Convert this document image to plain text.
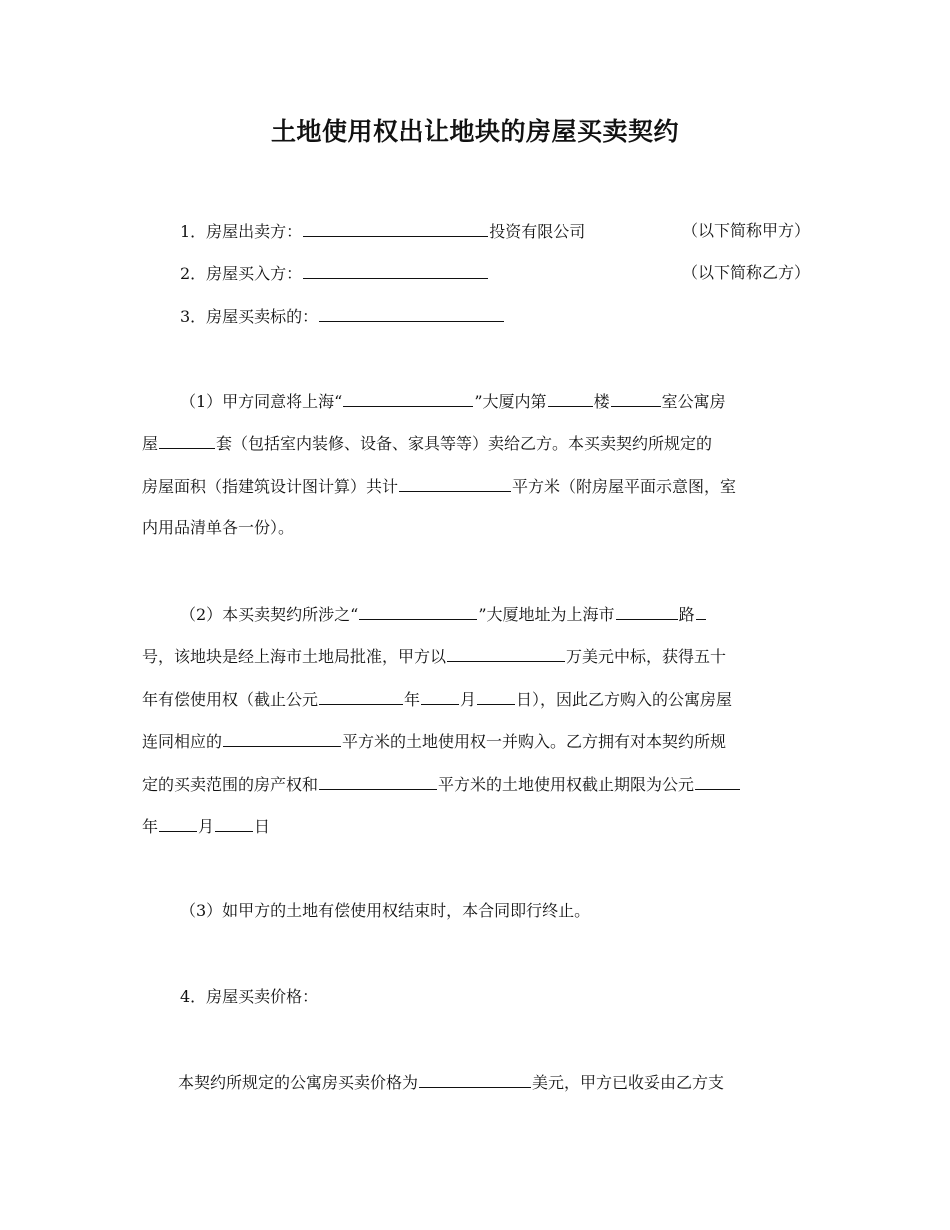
土地使用权出让地块的房屋买卖契约
1．房屋出卖方：	投资有限公司	（以下简称甲方）
2．房屋买入方：	（以下简称乙方）
3．房屋买卖标的：
（1）甲方同意将上海“	”大厦内第	楼	室公寓房
屋	套（包括室内装修、设备、家具等等）卖给乙方。本买卖契约所规定的
房屋面积（指建筑设计图计算）共计	平方米（附房屋平面示意图，室
内用品清单各一份）。
（2）本买卖契约所涉之“	”大厦地址为上海市	路
号，该地块是经上海市土地局批准，甲方以	万美元中标，获得五十
年有偿使用权（截止公元	年	月	日），因此乙方购入的公寓房屋
连同相应的	平方米的土地使用权一并购入。乙方拥有对本契约所规
定的买卖范围的房产权和	平方米的土地使用权截止期限为公元
年	月	日
（3）如甲方的土地有偿使用权结束时，本合同即行终止。
4．房屋买卖价格：
本契约所规定的公寓房买卖价格为	美元，甲方已收妥由乙方支
